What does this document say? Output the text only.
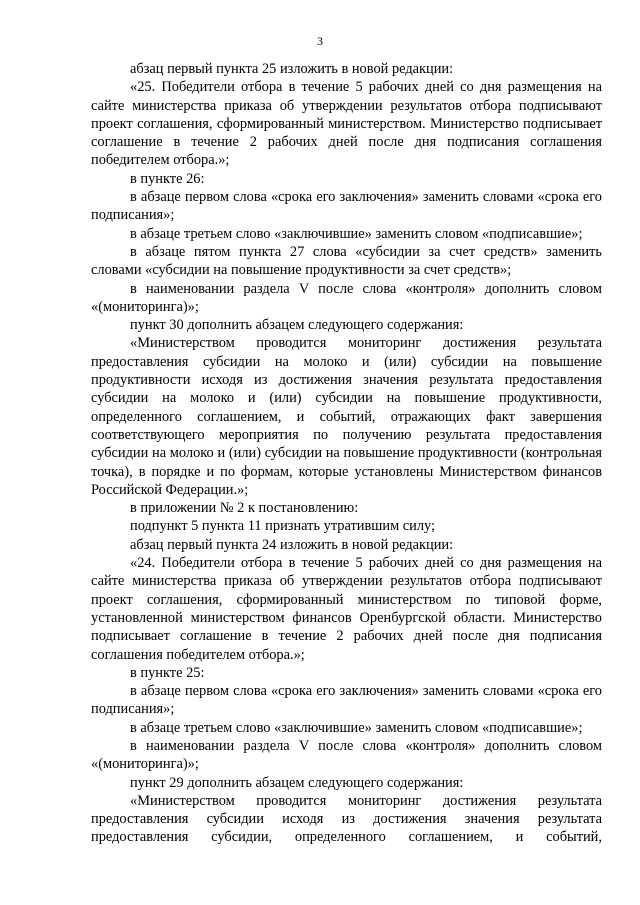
3

абзац первый пункта 25 изложить в новой редакции:

«25. Победители отбора в течение 5 рабочих дней со дня размещения на сайте министерства приказа об утверждении результатов отбора подписывают проект соглашения, сформированный министерством. Министерство подписывает соглашение в течение 2 рабочих дней после дня подписания соглашения победителем отбора.»;

в пункте 26:

в абзаце первом слова «срока его заключения» заменить словами «срока его подписания»;

в абзаце третьем слово «заключившие» заменить словом «подписавшие»;

в абзаце пятом пункта 27 слова «субсидии за счет средств» заменить словами «субсидии на повышение продуктивности за счет средств»;

в наименовании раздела V после слова «контроля» дополнить словом «(мониторинга)»;

пункт 30 дополнить абзацем следующего содержания:

«Министерством проводится мониторинг достижения результата предоставления субсидии на молоко и (или) субсидии на повышение продуктивности исходя из достижения значения результата предоставления субсидии на молоко и (или) субсидии на повышение продуктивности, определенного соглашением, и событий, отражающих факт завершения соответствующего мероприятия по получению результата предоставления субсидии на молоко и (или) субсидии на повышение продуктивности (контрольная точка), в порядке и по формам, которые установлены Министерством финансов Российской Федерации.»;

в приложении № 2 к постановлению:

подпункт 5 пункта 11 признать утратившим силу;

абзац первый пункта 24 изложить в новой редакции:

«24. Победители отбора в течение 5 рабочих дней со дня размещения на сайте министерства приказа об утверждении результатов отбора подписывают проект соглашения, сформированный министерством по типовой форме, установленной министерством финансов Оренбургской области. Министерство подписывает соглашение в течение 2 рабочих дней после дня подписания соглашения победителем отбора.»;

в пункте 25:

в абзаце первом слова «срока его заключения» заменить словами «срока его подписания»;

в абзаце третьем слово «заключившие» заменить словом «подписавшие»;

в наименовании раздела V после слова «контроля» дополнить словом «(мониторинга)»;

пункт 29 дополнить абзацем следующего содержания:

«Министерством проводится мониторинг достижения результата предоставления субсидии исходя из достижения значения результата предоставления субсидии, определенного соглашением, и событий,
